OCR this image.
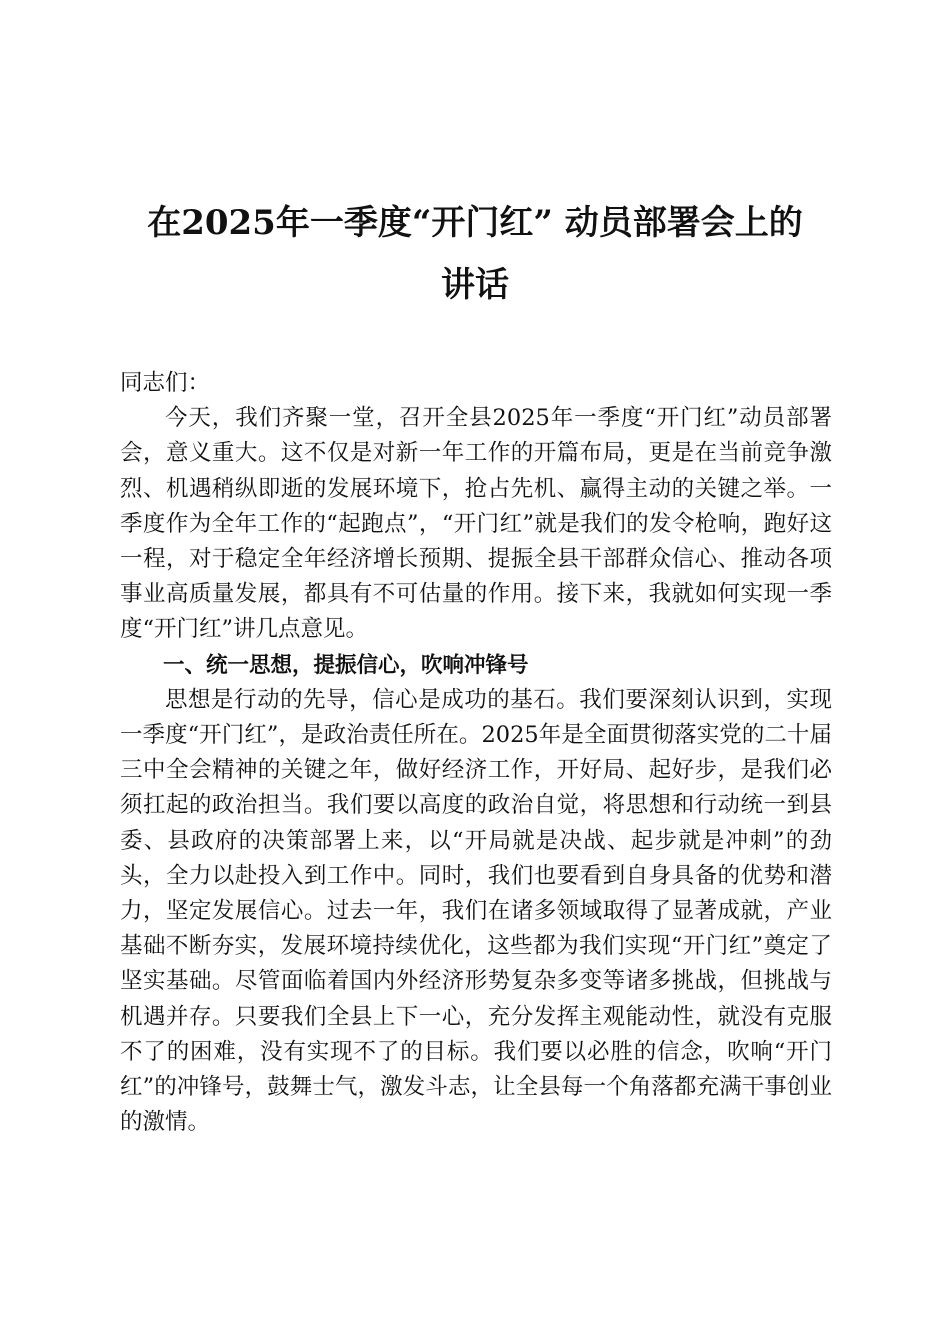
在2025年一季度“开门红” 动员部署会上的
讲话

同志们：

今天，我们齐聚一堂，召开全县2025年一季度“开门红”动员部署会，意义重大。这不仅是对新一年工作的开篇布局，更是在当前竞争激烈、机遇稍纵即逝的发展环境下，抢占先机、赢得主动的关键之举。一季度作为全年工作的“起跑点”，“开门红”就是我们的发令枪响，跑好这一程，对于稳定全年经济增长预期、提振全县干部群众信心、推动各项事业高质量发展，都具有不可估量的作用。接下来，我就如何实现一季度“开门红”讲几点意见。

一、统一思想，提振信心，吹响冲锋号

思想是行动的先导，信心是成功的基石。我们要深刻认识到，实现一季度“开门红”，是政治责任所在。2025年是全面贯彻落实党的二十届三中全会精神的关键之年，做好经济工作，开好局、起好步，是我们必须扛起的政治担当。我们要以高度的政治自觉，将思想和行动统一到县委、县政府的决策部署上来，以“开局就是决战、起步就是冲刺”的劲头，全力以赴投入到工作中。同时，我们也要看到自身具备的优势和潜力，坚定发展信心。过去一年，我们在诸多领域取得了显著成就，产业基础不断夯实，发展环境持续优化，这些都为我们实现“开门红”奠定了坚实基础。尽管面临着国内外经济形势复杂多变等诸多挑战，但挑战与机遇并存。只要我们全县上下一心，充分发挥主观能动性，就没有克服不了的困难，没有实现不了的目标。我们要以必胜的信念，吹响“开门红”的冲锋号，鼓舞士气，激发斗志，让全县每一个角落都充满干事创业的激情。
